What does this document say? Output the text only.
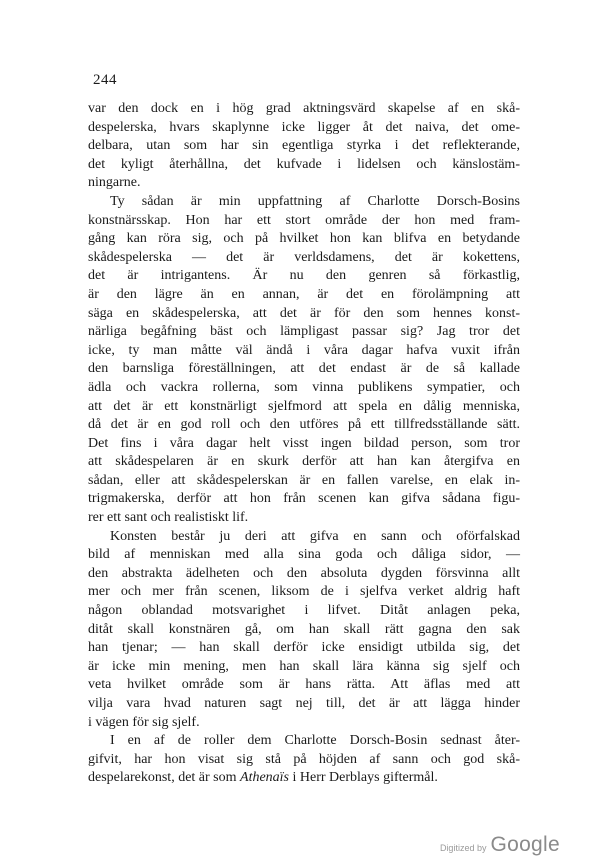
244
var den dock en i hög grad aktningsvärd skapelse af en skå-
despelerska, hvars skaplynne icke ligger åt det naiva, det ome-
delbara, utan som har sin egentliga styrka i det reflekterande,
det kyligt återhållna, det kufvade i lidelsen och känslostäm-
ningarne.
Ty sådan är min uppfattning af Charlotte Dorsch-Bosins
konstnärsskap. Hon har ett stort område der hon med fram-
gång kan röra sig, och på hvilket hon kan blifva en betydande
skådespelerska — det är verldsdamens, det är kokettens,
det är intrigantens. Är nu den genren så förkastlig,
är den lägre än en annan, är det en förolämpning att
säga en skådespelerska, att det är för den som hennes konst-
närliga begåfning bäst och lämpligast passar sig? Jag tror det
icke, ty man måtte väl ändå i våra dagar hafva vuxit ifrån
den barnsliga föreställningen, att det endast är de så kallade
ädla och vackra rollerna, som vinna publikens sympatier, och
att det är ett konstnärligt sjelfmord att spela en dålig menniska,
då det är en god roll och den utföres på ett tillfredsställande sätt.
Det fins i våra dagar helt visst ingen bildad person, som tror
att skådespelaren är en skurk derför att han kan återgifva en
sådan, eller att skådespelerskan är en fallen varelse, en elak in-
trigmakerska, derför att hon från scenen kan gifva sådana figu-
rer ett sant och realistiskt lif.
Konsten består ju deri att gifva en sann och oförfalskad
bild af menniskan med alla sina goda och dåliga sidor, —
den abstrakta ädelheten och den absoluta dygden försvinna allt
mer och mer från scenen, liksom de i sjelfva verket aldrig haft
någon oblandad motsvarighet i lifvet. Ditåt anlagen peka,
ditåt skall konstnären gå, om han skall rätt gagna den sak
han tjenar; — han skall derför icke ensidigt utbilda sig, det
är icke min mening, men han skall lära känna sig sjelf och
veta hvilket område som är hans rätta. Att äflas med att
vilja vara hvad naturen sagt nej till, det är att lägga hinder
i vägen för sig sjelf.
I en af de roller dem Charlotte Dorsch-Bosin sednast åter-
gifvit, har hon visat sig stå på höjden af sann och god skå-
despelarekonst, det är som Athenaïs i Herr Derblays giftermål.
Digitized by Google
